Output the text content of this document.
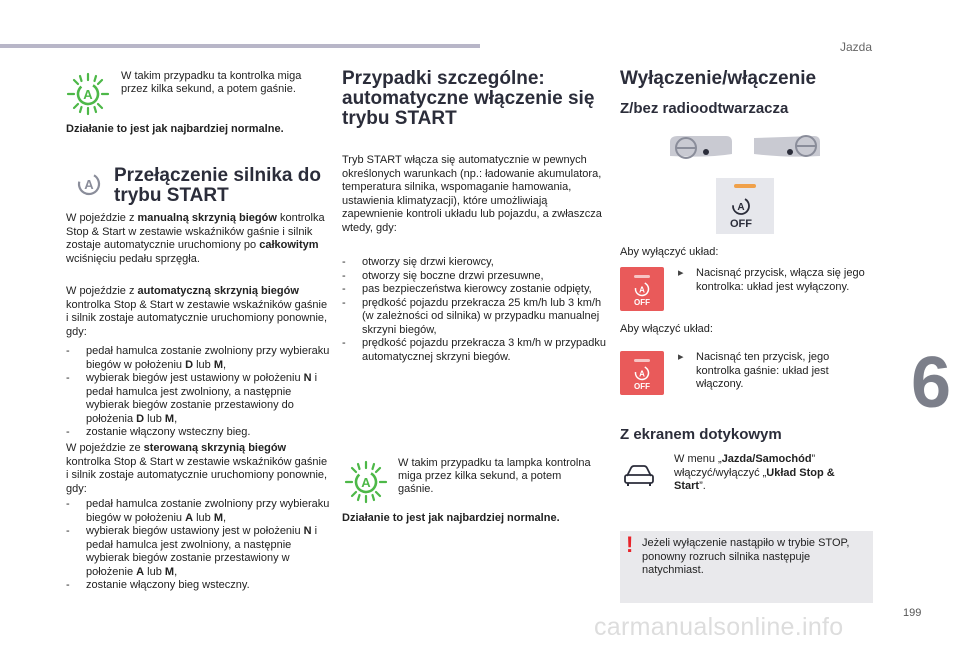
Jazda
6
199
carmanualsonline.info
A
W takim przypadku ta kontrolka miga przez kilka sekund, a potem gaśnie.
Działanie to jest jak najbardziej normalne.
A Przełączenie silnika do trybu START
W pojeździe z manualną skrzynią biegów kontrolka Stop & Start w zestawie wskaźników gaśnie i silnik zostaje automatycznie uruchomiony po całkowitym wciśnięciu pedału sprzęgła.
W pojeździe z automatyczną skrzynią biegów kontrolka Stop & Start w zestawie wskaźników gaśnie i silnik zostaje automatycznie uruchomiony ponownie, gdy:
- pedał hamulca zostanie zwolniony przy wybieraku biegów w położeniu D lub M,
- wybierak biegów jest ustawiony w położeniu N i pedał hamulca jest zwolniony, a następnie wybierak biegów zostanie przestawiony do położenia D lub M,
- zostanie włączony wsteczny bieg.
W pojeździe ze sterowaną skrzynią biegów kontrolka Stop & Start w zestawie wskaźników gaśnie i silnik zostaje automatycznie uruchomiony ponownie, gdy:
- pedał hamulca zostanie zwolniony przy wybieraku biegów w położeniu A lub M,
- wybierak biegów ustawiony jest w położeniu N i pedał hamulca jest zwolniony, a następnie wybierak biegów zostanie przestawiony w położenie A lub M,
- zostanie włączony bieg wsteczny.
Przypadki szczególne: automatyczne włączenie się trybu START
Tryb START włącza się automatycznie w pewnych określonych warunkach (np.: ładowanie akumulatora, temperatura silnika, wspomaganie hamowania, ustawienia klimatyzacji), które umożliwiają zapewnienie kontroli układu lub pojazdu, a zwłaszcza wtedy, gdy:
- otworzy się drzwi kierowcy,
- otworzy się boczne drzwi przesuwne,
- pas bezpieczeństwa kierowcy zostanie odpięty,
- prędkość pojazdu przekracza 25 km/h lub 3 km/h (w zależności od silnika) w przypadku manualnej skrzyni biegów,
- prędkość pojazdu przekracza 3 km/h w przypadku automatycznej skrzyni biegów.
A
W takim przypadku ta lampka kontrolna miga przez kilka sekund, a potem gaśnie.
Działanie to jest jak najbardziej normalne.
Wyłączenie/włączenie
Z/bez radioodtwarzacza
A
OFF
Aby wyłączyć układ:
A
OFF
▸	Nacisnąć przycisk, włącza się jego kontrolka: układ jest wyłączony.
Aby włączyć układ:
A
OFF
▸	Nacisnąć ten przycisk, jego kontrolka gaśnie: układ jest włączony.
Z ekranem dotykowym
W menu „Jazda/Samochód” włączyć/wyłączyć „Układ Stop & Start”.
! Jeżeli wyłączenie nastąpiło w trybie STOP, ponowny rozruch silnika następuje natychmiast.
